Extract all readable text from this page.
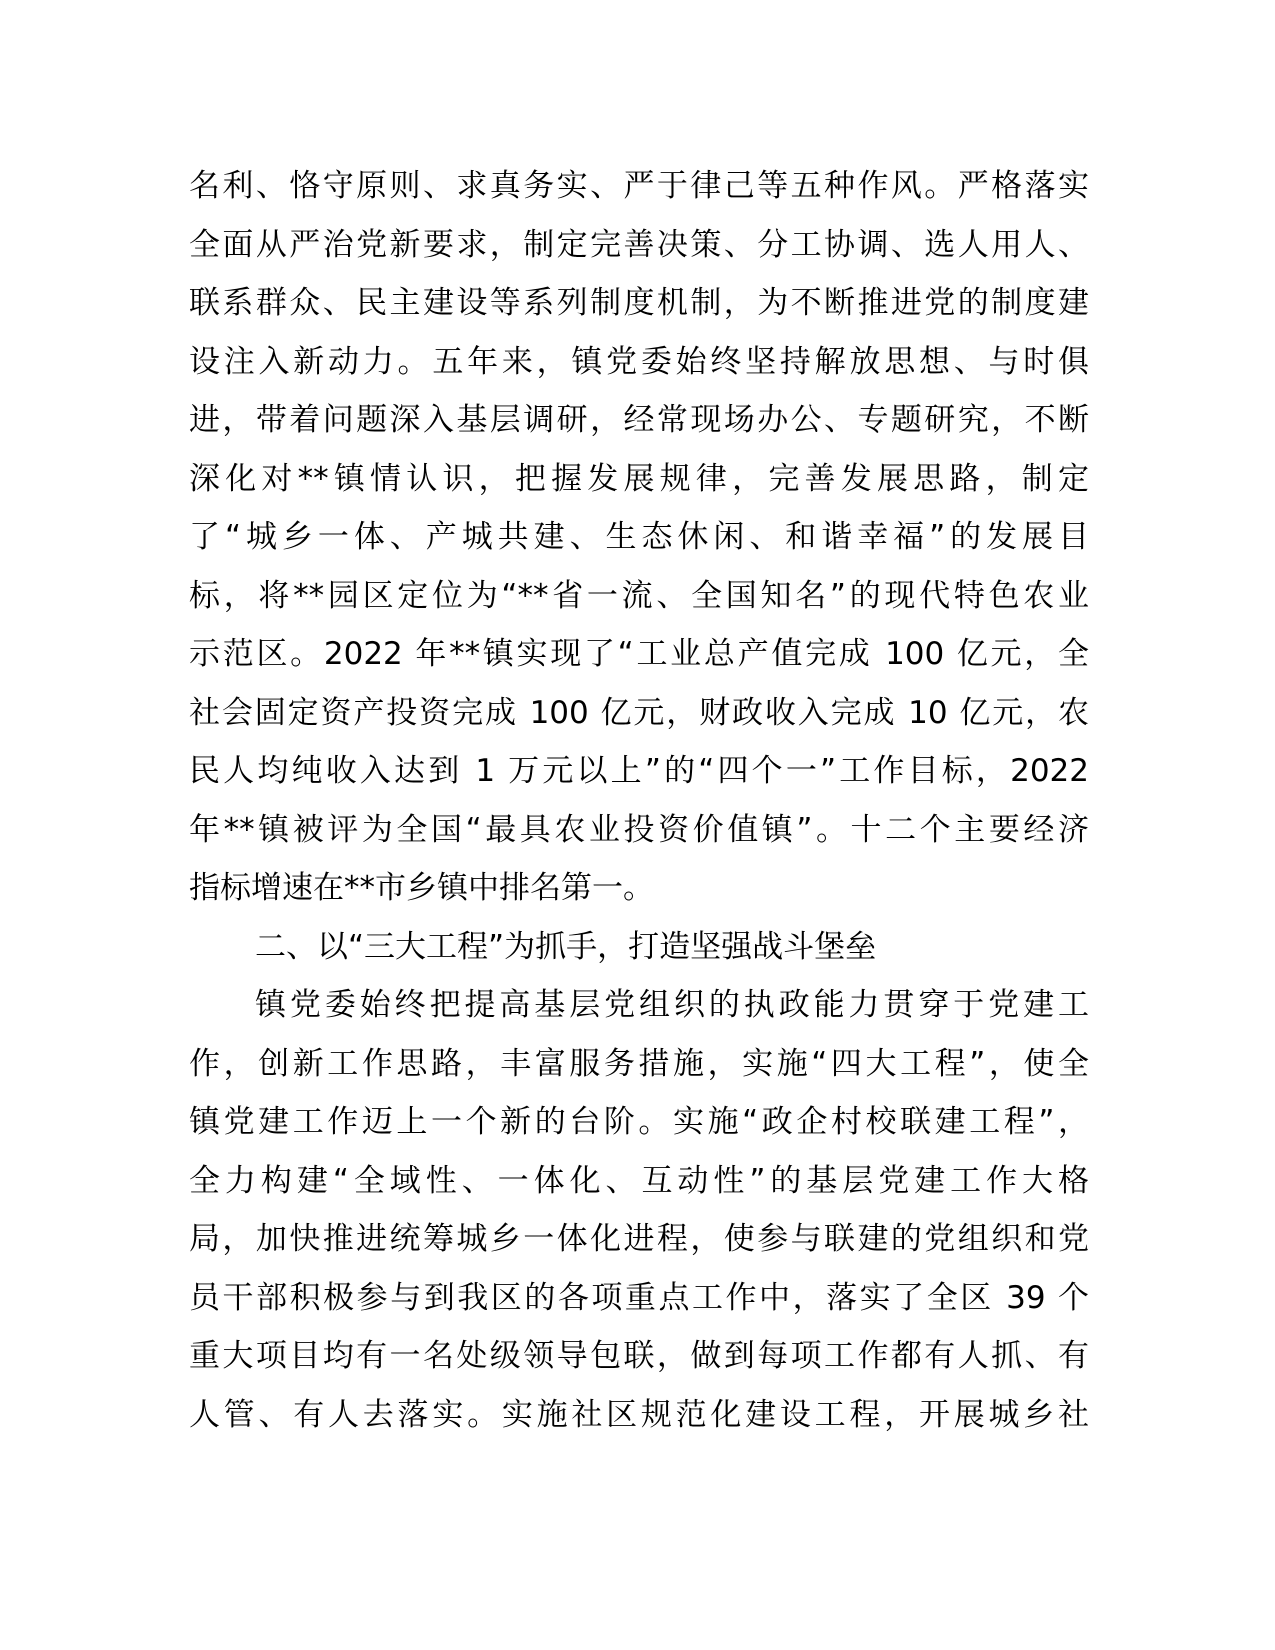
名利、恪守原则、求真务实、严于律己等五种作风。严格落实

全面从严治党新要求，制定完善决策、分工协调、选人用人、

联系群众、民主建设等系列制度机制，为不断推进党的制度建

设注入新动力。五年来，镇党委始终坚持解放思想、与时俱

进，带着问题深入基层调研，经常现场办公、专题研究，不断

深化对**镇情认识，把握发展规律，完善发展思路，制定

了“城乡一体、产城共建、生态休闲、和谐幸福”的发展目

标，将**园区定位为“**省一流、全国知名”的现代特色农业

示范区。2022 年**镇实现了“工业总产值完成 100 亿元，全

社会固定资产投资完成 100 亿元，财政收入完成 10 亿元，农

民人均纯收入达到 1 万元以上”的“四个一”工作目标，2022

年**镇被评为全国“最具农业投资价值镇”。十二个主要经济

指标增速在**市乡镇中排名第一。

二、以“三大工程”为抓手，打造坚强战斗堡垒

镇党委始终把提高基层党组织的执政能力贯穿于党建工

作，创新工作思路，丰富服务措施，实施“四大工程”，使全

镇党建工作迈上一个新的台阶。实施“政企村校联建工程”，

全力构建“全域性、一体化、互动性”的基层党建工作大格

局，加快推进统筹城乡一体化进程，使参与联建的党组织和党

员干部积极参与到我区的各项重点工作中，落实了全区 39 个

重大项目均有一名处级领导包联，做到每项工作都有人抓、有

人管、有人去落实。实施社区规范化建设工程，开展城乡社
